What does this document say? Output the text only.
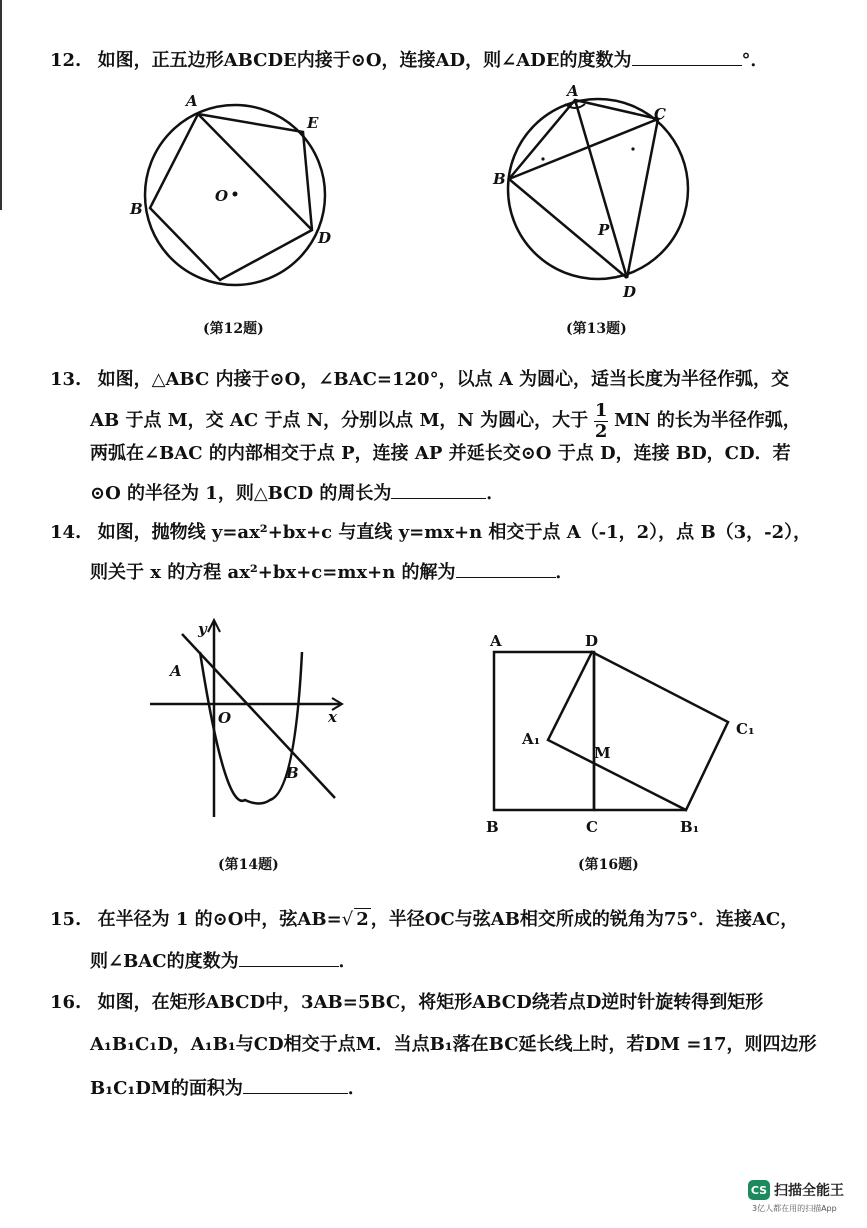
12. 如图，正五边形ABCDE内接于⊙O，连接AD，则∠ADE的度数为	°．
A
E
D
B
O
(第12题)
A
C
B
P
D
(第13题)
13. 如图，△ABC 内接于⊙O，∠BAC=120°，以点 A 为圆心，适当长度为半径作弧，交
AB 于点 M，交 AC 于点 N，分别以点 M，N 为圆心，大于 $\frac{1}{2}$ MN 的长为半径作弧，
两弧在∠BAC 的内部相交于点 P，连接 AP 并延长交⊙O 于点 D，连接 BD，CD．若
⊙O 的半径为 1，则△BCD 的周长为	．
14. 如图，抛物线 y=ax²+bx+c 与直线 y=mx+n 相交于点 A（-1，2），点 B（3，-2），
则关于 x 的方程 ax²+bx+c=mx+n 的解为	．
A
O	x
y
B
(第14题)
A	D
A₁
M
C₁
B	C	B₁
(第16题)
15. 在半径为 1 的⊙O中，弦AB=√ 2 ，半径OC与弦AB相交所成的锐角为75°．连接AC，
则∠BAC的度数为	．
16. 如图，在矩形ABCD中，3AB=5BC，将矩形ABCD绕若点D逆时针旋转得到矩形
A₁B₁C₁D，A₁B₁与CD相交于点M．当点B₁落在BC延长线上时，若DM =17，则四边形
B₁C₁DM的面积为	．
CS 扫描全能王
3亿人都在用的扫描App
